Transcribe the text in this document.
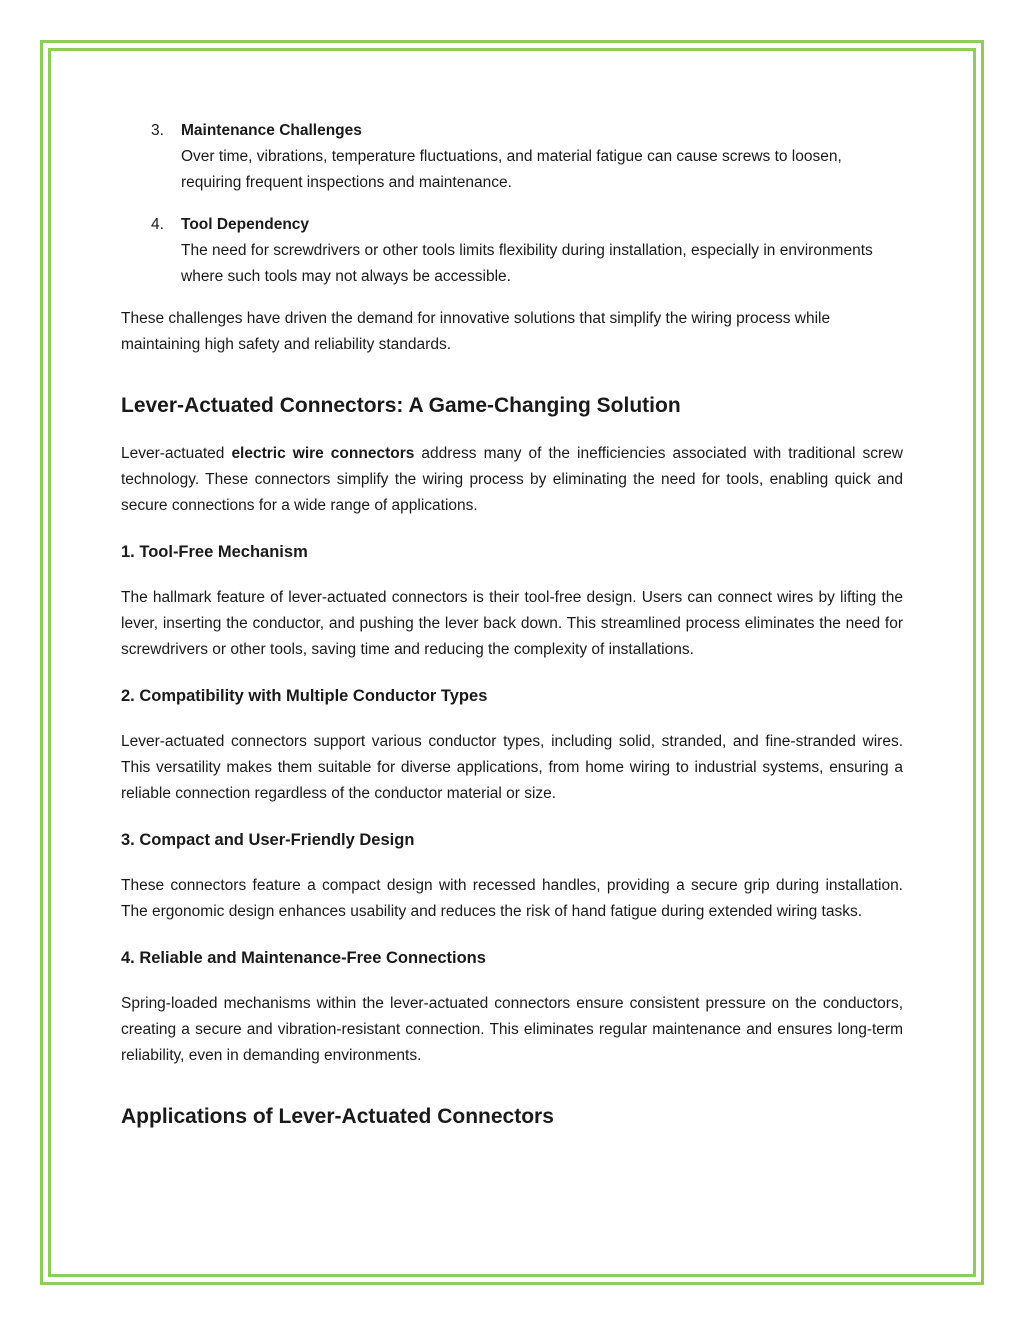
3. Maintenance Challenges
Over time, vibrations, temperature fluctuations, and material fatigue can cause screws to loosen, requiring frequent inspections and maintenance.
4. Tool Dependency
The need for screwdrivers or other tools limits flexibility during installation, especially in environments where such tools may not always be accessible.

These challenges have driven the demand for innovative solutions that simplify the wiring process while maintaining high safety and reliability standards.

Lever-Actuated Connectors: A Game-Changing Solution

Lever-actuated electric wire connectors address many of the inefficiencies associated with traditional screw technology. These connectors simplify the wiring process by eliminating the need for tools, enabling quick and secure connections for a wide range of applications.

1. Tool-Free Mechanism

The hallmark feature of lever-actuated connectors is their tool-free design. Users can connect wires by lifting the lever, inserting the conductor, and pushing the lever back down. This streamlined process eliminates the need for screwdrivers or other tools, saving time and reducing the complexity of installations.

2. Compatibility with Multiple Conductor Types

Lever-actuated connectors support various conductor types, including solid, stranded, and fine-stranded wires. This versatility makes them suitable for diverse applications, from home wiring to industrial systems, ensuring a reliable connection regardless of the conductor material or size.

3. Compact and User-Friendly Design

These connectors feature a compact design with recessed handles, providing a secure grip during installation. The ergonomic design enhances usability and reduces the risk of hand fatigue during extended wiring tasks.

4. Reliable and Maintenance-Free Connections

Spring-loaded mechanisms within the lever-actuated connectors ensure consistent pressure on the conductors, creating a secure and vibration-resistant connection. This eliminates regular maintenance and ensures long-term reliability, even in demanding environments.

Applications of Lever-Actuated Connectors
